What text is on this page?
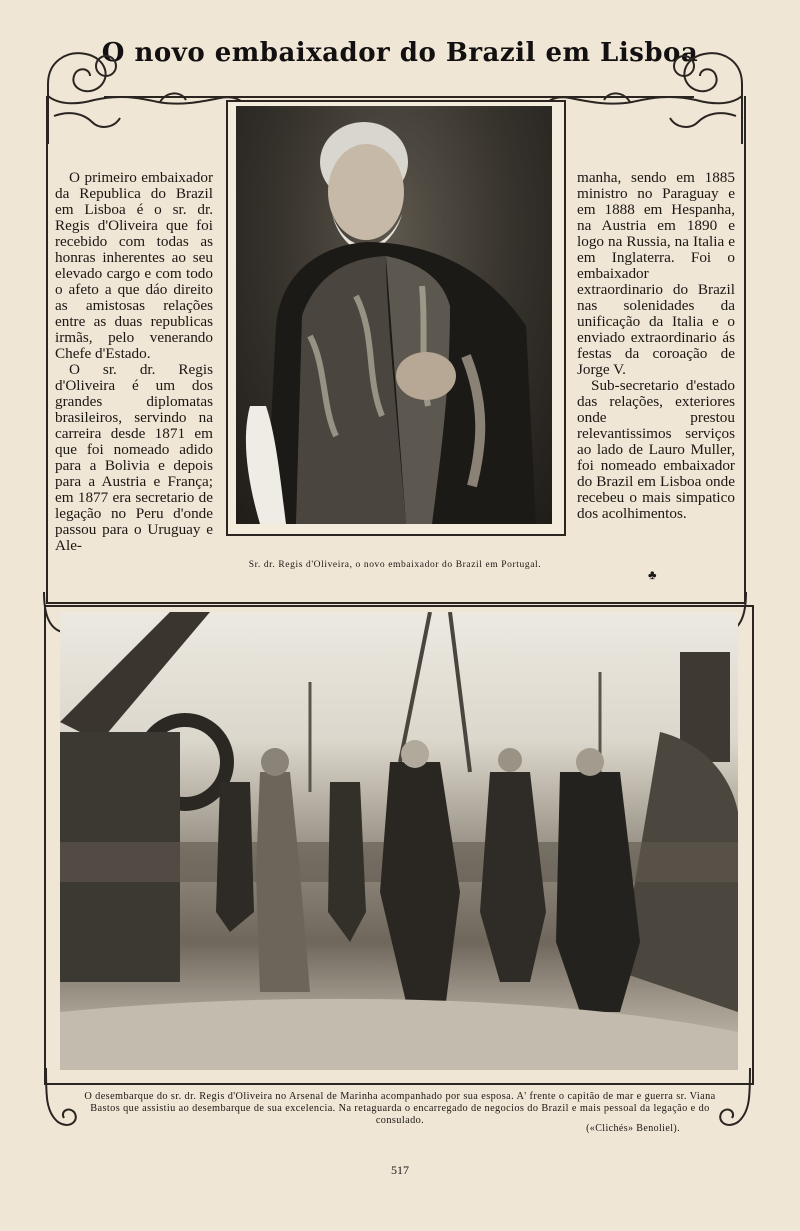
O novo embaixador do Brazil em Lisboa
Sr. dr. Regis d'Oliveira, o novo embaixador do Brazil em Portugal.

O primeiro embaixador da Republica do Brazil em Lisboa é o sr. dr. Regis d'Oliveira que foi recebido com todas as honras inherentes ao seu elevado cargo e com todo o afeto a que dáo direito as amistosas relações entre as duas republicas irmãs, pelo venerando Chefe d'Estado.

O sr. dr. Regis d'Oliveira é um dos grandes diplomatas brasileiros, servindo na carreira desde 1871 em que foi nomeado adido para a Bolivia e depois para a Austria e França; em 1877 era secretario de legação no Peru d'onde passou para o Uruguay e Ale-

manha, sendo em 1885 ministro no Paraguay e em 1888 em Hespanha, na Austria em 1890 e logo na Russia, na Italia e em Inglaterra. Foi o embaixador extraordinario do Brazil nas solenidades da unificação da Italia e o enviado extraordinario ás festas da coroação de Jorge V.

Sub-secretario d'estado das relações, exteriores onde prestou relevantissimos serviços ao lado de Lauro Muller, foi nomeado embaixador do Brazil em Lisboa onde recebeu o mais simpatico dos acolhimentos.

♣
O desembarque do sr. dr. Regis d'Oliveira no Arsenal de Marinha acompanhado por sua esposa. A' frente o capitão de mar e guerra sr. Viana Bastos que assistiu ao desembarque de sua excelencia. Na retaguarda o encarregado de negocios do Brazil e mais pessoal da legação e do consulado.
(«Clichés» Benoliel).
517
